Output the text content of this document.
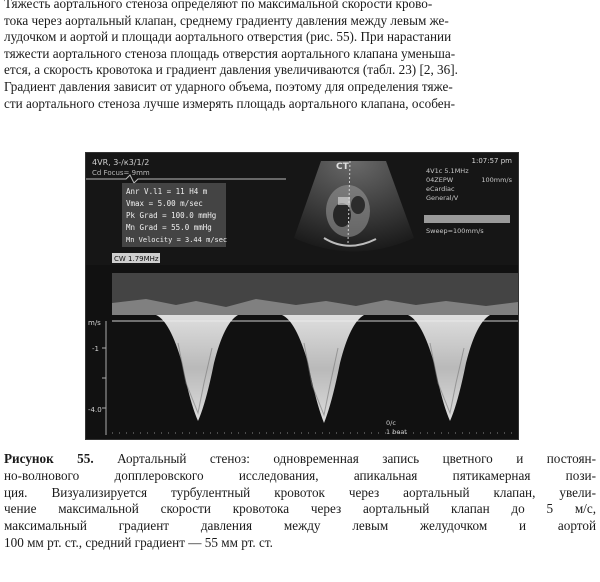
Тяжесть аортального стеноза определяют по максимальной скорости крово-
тока через аортальный клапан, среднему градиенту давления между левым же-
лудочком и аортой и площади аортального отверстия (рис. 55). При нарастании
тяжести аортального стеноза площадь отверстия аортального клапана уменьша-
ется, а скорость кровотока и градиент давления увеличиваются (табл. 23) [2, 36].
Градиент давления зависит от ударного объема, поэтому для определения тяже-
сти аортального стеноза лучше измерять площадь аортального клапана, особен-
4VR, 3-/к3/1/2
Cd Focus= 9mm
CT
Anr V.l1 = 11 H4 m
Vmax = 5.00 m/sec
Pk Grad = 100.0 mmHg
Mn Grad = 55.0 mmHg
Mn Velocity = 3.44 m/sec
1:07:57 pm
4V1c 5.1MHz
04ZEPW
eCardiac
General/V
100mm/s
Sweep=100mm/s
CW 1.79MHz
m/s
-1
-4.0
0/c
1 beat
Рисунок 55. Аортальный стеноз: одновременная запись цветного и постоян-
но-волнового допплеровского исследования, апикальная пятикамерная пози-
ция. Визуализируется турбулентный кровоток через аортальный клапан, увели-
чение максимальной скорости кровотока через аортальный клапан до 5 м/с,
максимальный градиент давления между левым желудочком и аортой
100 мм рт. ст., средний градиент — 55 мм рт. ст.
